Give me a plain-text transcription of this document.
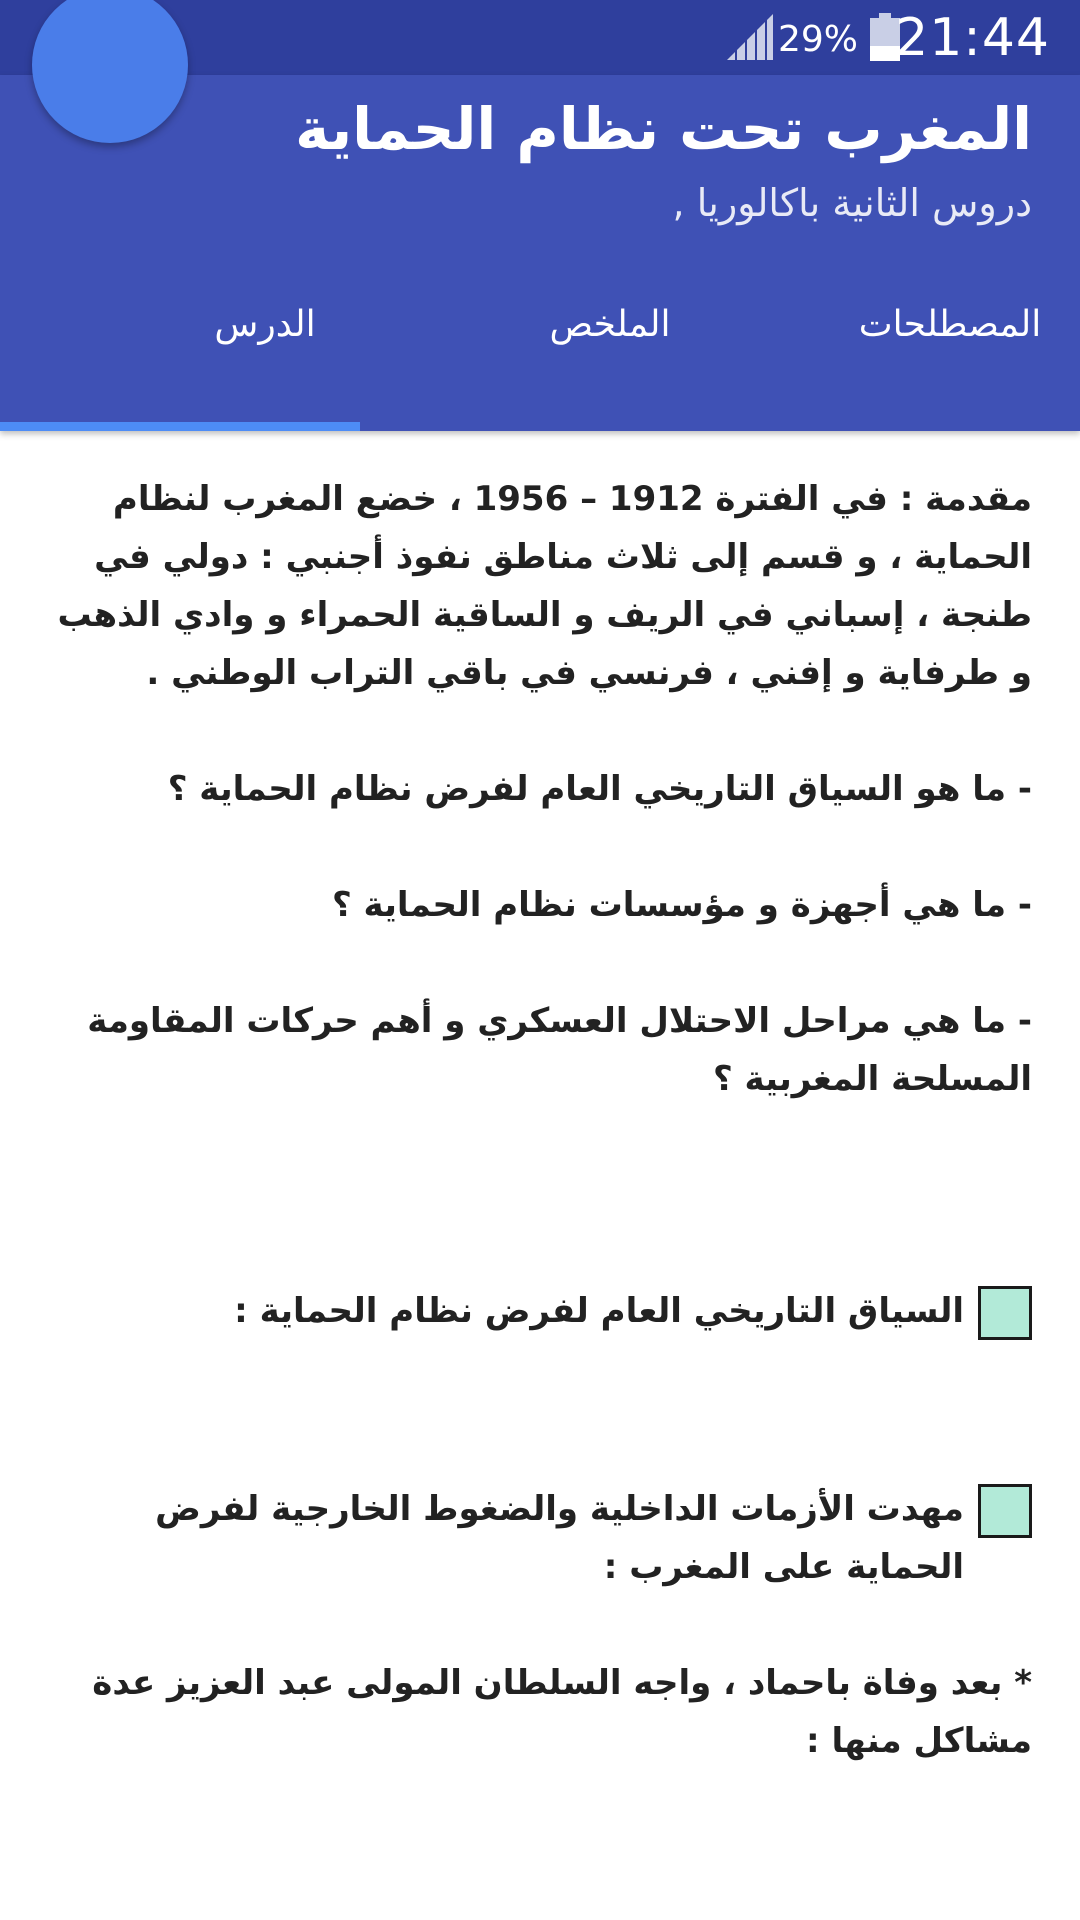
29% 21:44
المغرب تحت نظام الحماية
دروس الثانية باكالوريا ,
المصطلحات
الملخص
الدرس

مقدمة : في الفترة 1912 – 1956 ، خضع المغرب لنظام الحماية ، و قسم إلى ثلاث مناطق نفوذ أجنبي : دولي في طنجة ، إسباني في الريف و الساقية الحمراء و وادي الذهب و طرفاية و إفني ، فرنسي في باقي التراب الوطني .

- ما هو السياق التاريخي العام لفرض نظام الحماية ؟

- ما هي أجهزة و مؤسسات نظام الحماية ؟

- ما هي مراحل الاحتلال العسكري و أهم حركات المقاومة المسلحة المغربية ؟

السياق التاريخي العام لفرض نظام الحماية :

مهدت الأزمات الداخلية والضغوط الخارجية لفرض الحماية على المغرب :

* بعد وفاة باحماد ، واجه السلطان المولى عبد العزيز عدة مشاكل منها :
